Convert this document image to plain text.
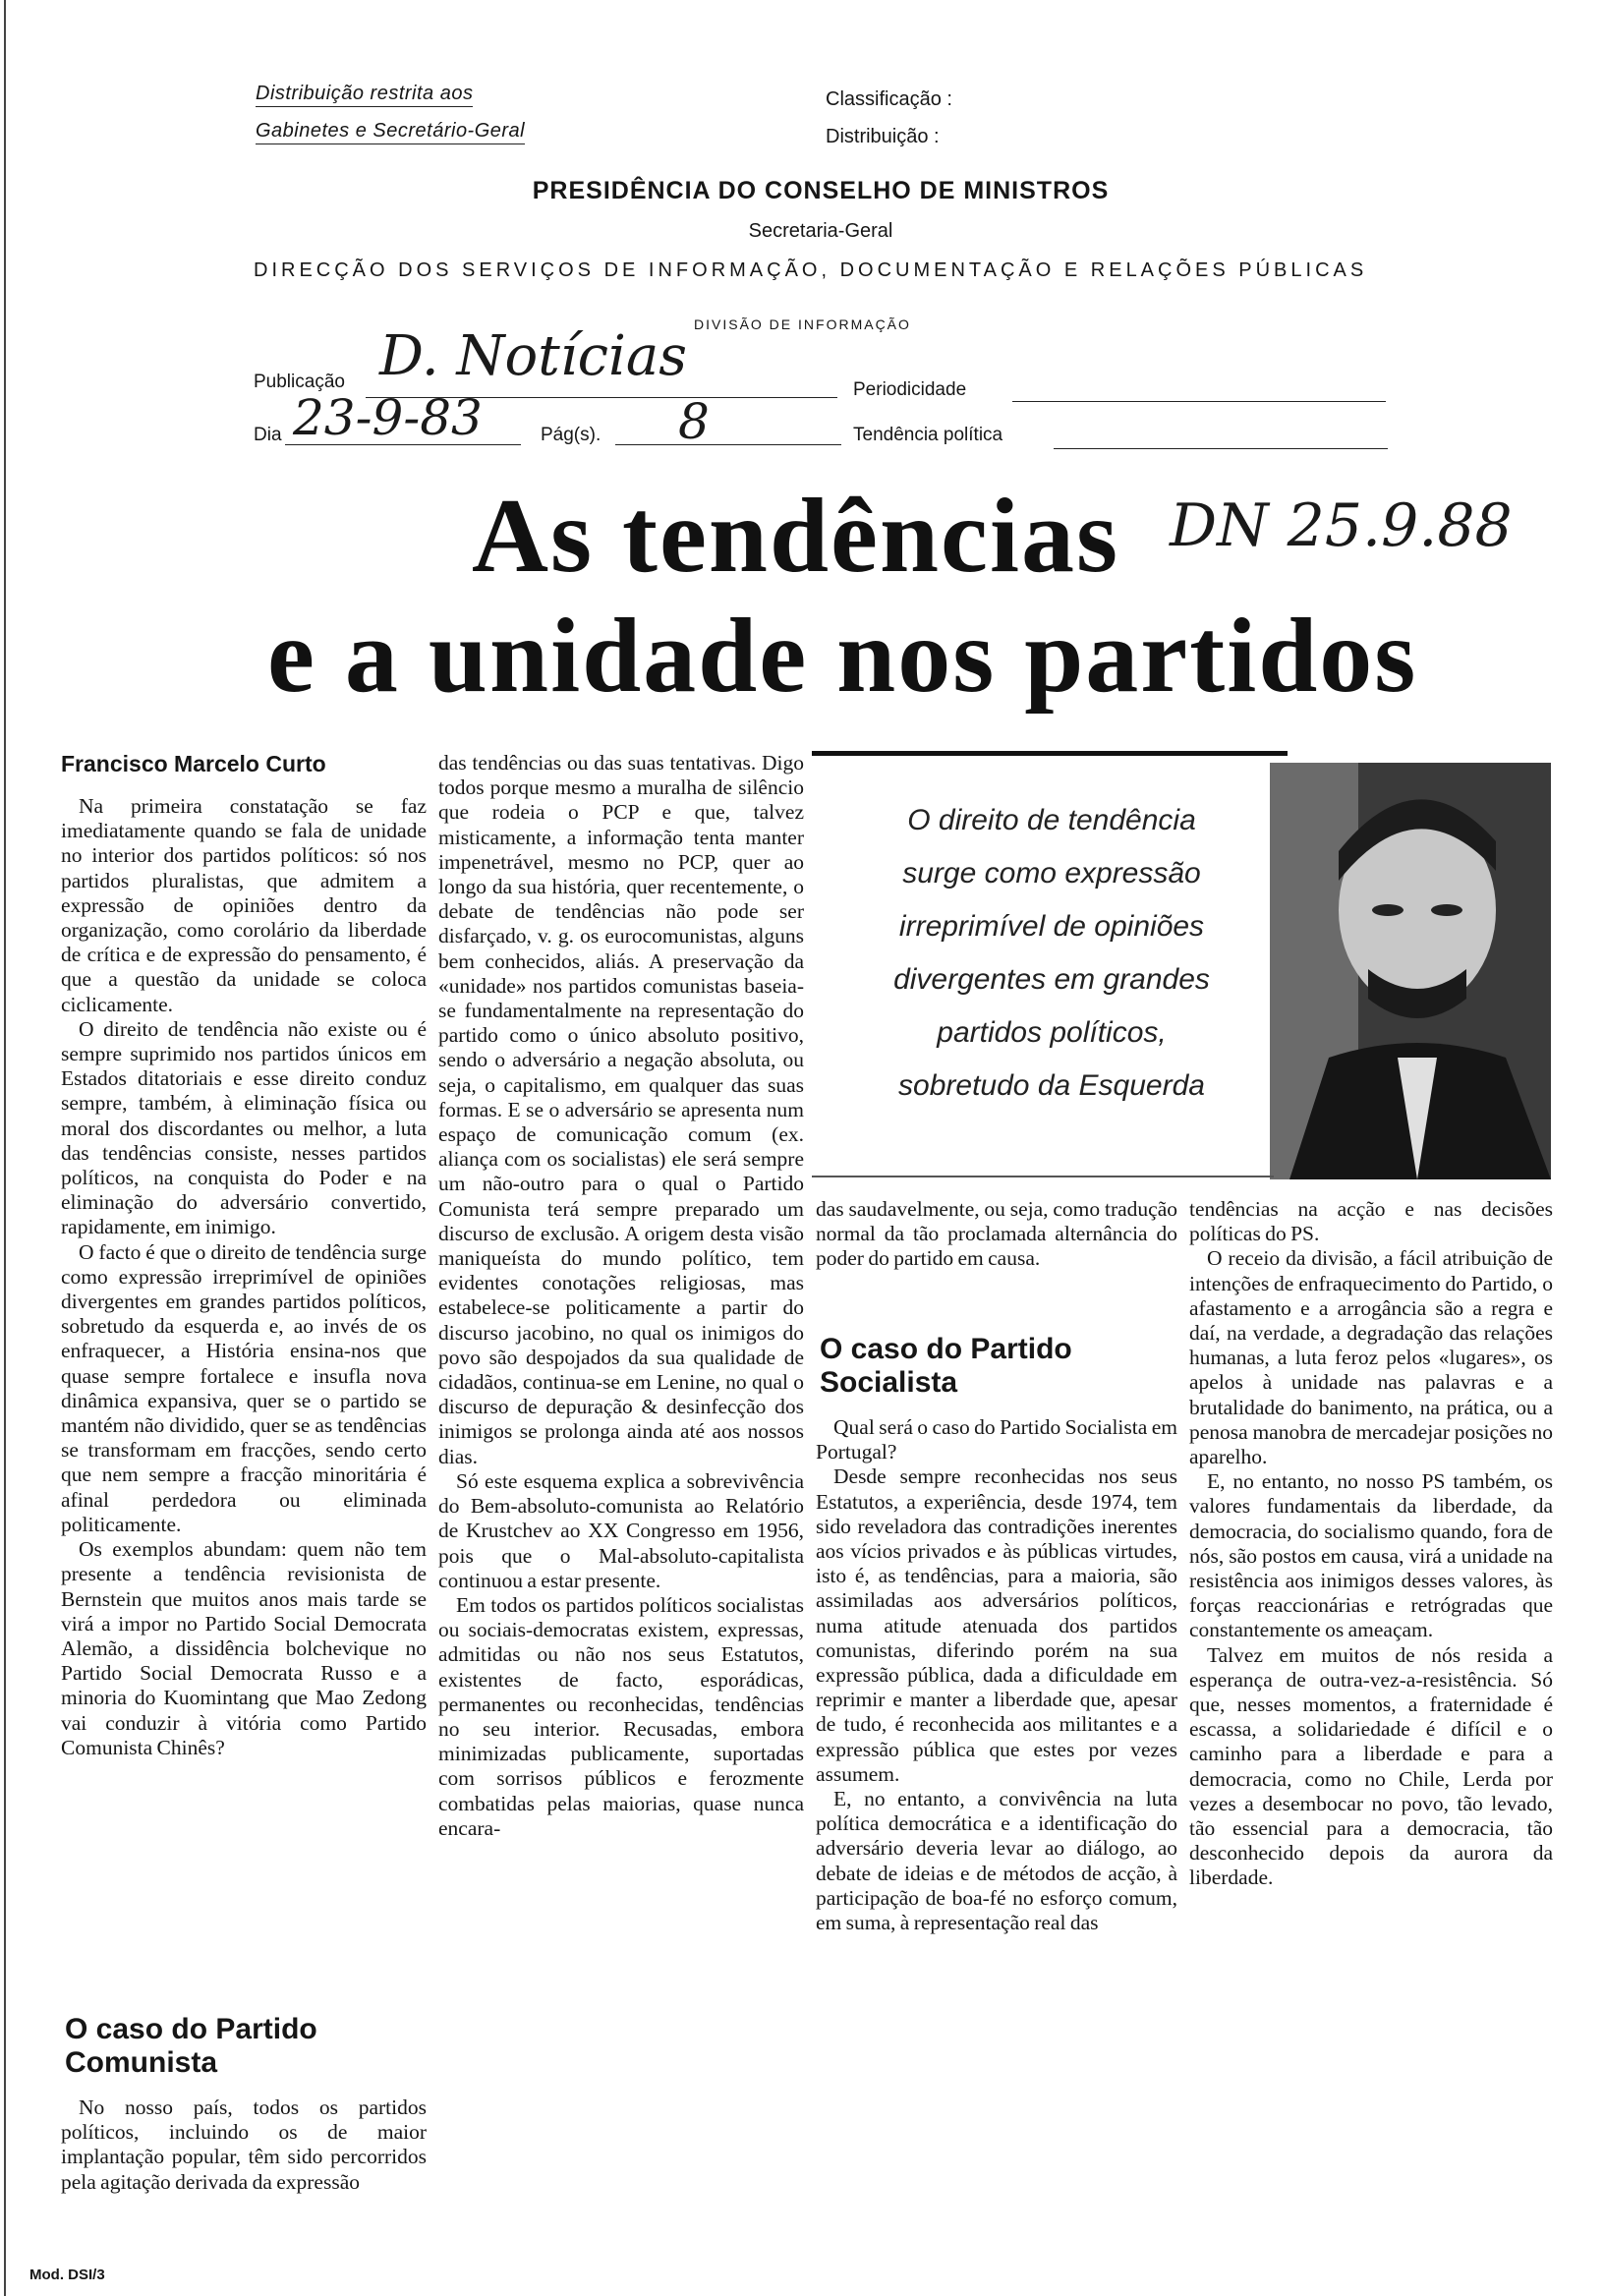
Distribuição restrita aos
Gabinetes e Secretário-Geral
Classificação :
Distribuição :
PRESIDÊNCIA DO CONSELHO DE MINISTROS
Secretaria-Geral
DIRECÇÃO DOS SERVIÇOS DE INFORMAÇÃO, DOCUMENTAÇÃO E RELAÇÕES PÚBLICAS
DIVISÃO DE INFORMAÇÃO
Publicação D. Notícias
Periodicidade
Dia 23-9-83	Pág(s). 8	Tendência política
As tendências DN 25.9.88
e a unidade nos partidos
O direito de tendência
surge como expressão
irreprimível de opiniões
divergentes em grandes
partidos políticos,
sobretudo da Esquerda
Francisco Marcelo Curto

Na primeira constatação se faz imediatamente quando se fala de unidade no interior dos partidos políticos: só nos partidos pluralistas, que admitem a expressão de opiniões dentro da organização, como corolário da liberdade de crítica e de expressão do pensamento, é que a questão da unidade se coloca ciclicamente.

O direito de tendência não existe ou é sempre suprimido nos partidos únicos em Estados ditatoriais e esse direito conduz sempre, também, à eliminação física ou moral dos discordantes ou melhor, a luta das tendências consiste, nesses partidos políticos, na conquista do Poder e na eliminação do adversário convertido, rapidamente, em inimigo.

O facto é que o direito de tendência surge como expressão irreprimível de opiniões divergentes em grandes partidos políticos, sobretudo da esquerda e, ao invés de os enfraquecer, a História ensina-nos que quase sempre fortalece e insufla nova dinâmica expansiva, quer se o partido se mantém não dividido, quer se as tendências se transformam em fracções, sendo certo que nem sempre a fracção minoritária é afinal perdedora ou eliminada politicamente.

Os exemplos abundam: quem não tem presente a tendência revisionista de Bernstein que muitos anos mais tarde se virá a impor no Partido Social Democrata Alemão, a dissidência bolchevique no Partido Social Democrata Russo e a minoria do Kuomintang que Mao Zedong vai conduzir à vitória como Partido Comunista Chinês?

O caso do Partido Comunista

No nosso país, todos os partidos políticos, incluindo os de maior implantação popular, têm sido percorridos pela agitação derivada da expressão

das tendências ou das suas tentativas. Digo todos porque mesmo a muralha de silêncio que rodeia o PCP e que, talvez misticamente, a informação tenta manter impenetrável, mesmo no PCP, quer ao longo da sua história, quer recentemente, o debate de tendências não pode ser disfarçado, v. g. os eurocomunistas, alguns bem conhecidos, aliás. A preservação da «unidade» nos partidos comunistas baseia-se fundamentalmente na representação do partido como o único absoluto positivo, sendo o adversário a negação absoluta, ou seja, o capitalismo, em qualquer das suas formas. E se o adversário se apresenta num espaço de comunicação comum (ex. aliança com os socialistas) ele será sempre um não-outro para o qual o Partido Comunista terá sempre preparado um discurso de exclusão. A origem desta visão maniqueísta do mundo político, tem evidentes conotações religiosas, mas estabelece-se politicamente a partir do discurso jacobino, no qual os inimigos do povo são despojados da sua qualidade de cidadãos, continua-se em Lenine, no qual o discurso de depuração & desinfecção dos inimigos se prolonga ainda até aos nossos dias.

Só este esquema explica a sobrevivência do Bem-absoluto-comunista ao Relatório de Krustchev ao XX Congresso em 1956, pois que o Mal-absoluto-capitalista continuou a estar presente.

Em todos os partidos políticos socialistas ou sociais-democratas existem, expressas, admitidas ou não nos seus Estatutos, existentes de facto, esporádicas, permanentes ou reconhecidas, tendências no seu interior. Recusadas, embora minimizadas publicamente, suportadas com sorrisos públicos e ferozmente combatidas pelas maiorias, quase nunca encara-

das saudavelmente, ou seja, como tradução normal da tão proclamada alternância do poder do partido em causa.

O caso do Partido Socialista

Qual será o caso do Partido Socialista em Portugal?

Desde sempre reconhecidas nos seus Estatutos, a experiência, desde 1974, tem sido reveladora das contradições inerentes aos vícios privados e às públicas virtudes, isto é, as tendências, para a maioria, são assimiladas aos adversários políticos, numa atitude atenuada dos partidos comunistas, diferindo porém na sua expressão pública, dada a dificuldade em reprimir e manter a liberdade que, apesar de tudo, é reconhecida aos militantes e a expressão pública que estes por vezes assumem.

E, no entanto, a convivência na luta política democrática e a identificação do adversário deveria levar ao diálogo, ao debate de ideias e de métodos de acção, à participação de boa-fé no esforço comum, em suma, à representação real das

tendências na acção e nas decisões políticas do PS.

O receio da divisão, a fácil atribuição de intenções de enfraquecimento do Partido, o afastamento e a arrogância são a regra e daí, na verdade, a degradação das relações humanas, a luta feroz pelos «lugares», os apelos à unidade nas palavras e a brutalidade do banimento, na prática, ou a penosa manobra de mercadejar posições no aparelho.

E, no entanto, no nosso PS também, os valores fundamentais da liberdade, da democracia, do socialismo quando, fora de nós, são postos em causa, virá a unidade na resistência aos inimigos desses valores, às forças reaccionárias e retrógradas que constantemente os ameaçam.

Talvez em muitos de nós resida a esperança de outra-vez-a-resistência. Só que, nesses momentos, a fraternidade é escassa, a solidariedade é difícil e o caminho para a liberdade e para a democracia, como no Chile, Lerda por vezes a desembocar no povo, tão levado, tão essencial para a democracia, tão desconhecido depois da aurora da liberdade.

Mod. DSI/3
